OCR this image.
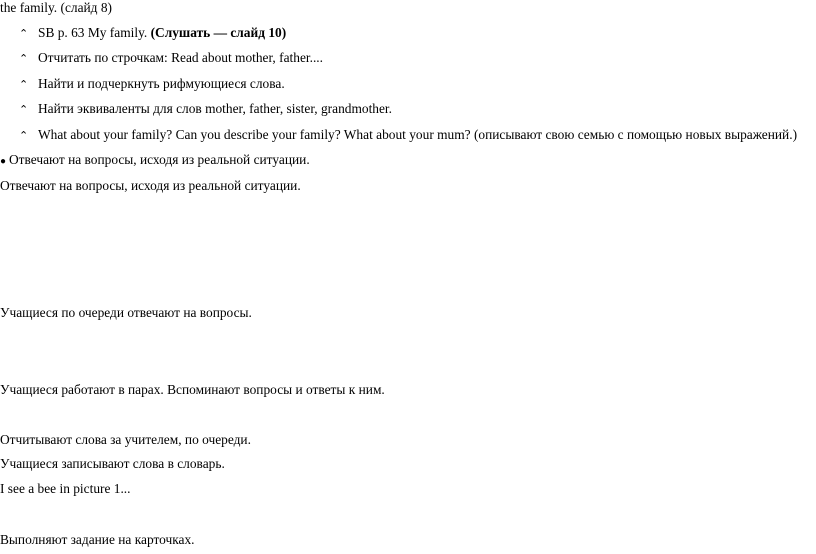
the family. (слайд 8)
⌃ SB p. 63 My family. (Слушать — слайд 10)
⌃ Отчитать по строчкам: Read about mother, father....
⌃ Найти и подчеркнуть рифмующиеся слова.
⌃ Найти эквиваленты для слов mother, father, sister, grandmother.
⌃ What about your family? Can you describe your family? What about your mum? (описывают свою семью с помощью новых выражений.)
● Отвечают на вопросы, исходя из реальной ситуации.
Отвечают на вопросы, исходя из реальной ситуации.
Учащиеся по очереди отвечают на вопросы.
Учащиеся работают в парах. Вспоминают вопросы и ответы к ним.
Отчитывают слова за учителем, по очереди.
Учащиеся записывают слова в словарь.
I see a bee in picture 1...
Выполняют задание на карточках.
